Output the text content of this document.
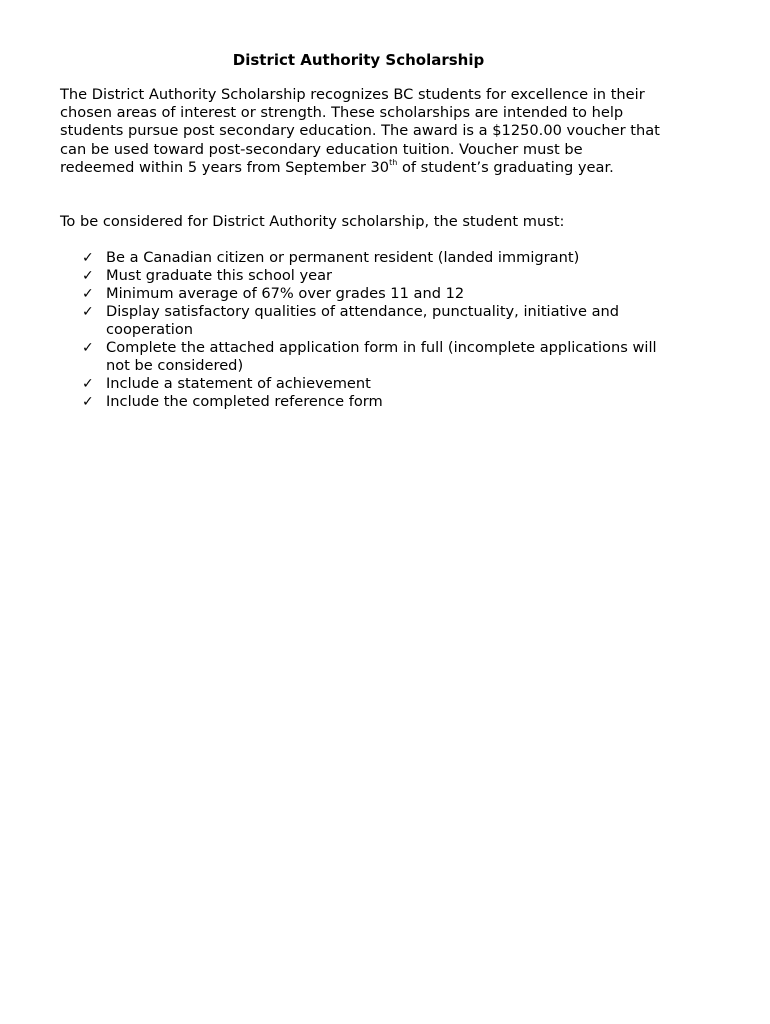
District Authority Scholarship

The District Authority Scholarship recognizes BC students for excellence in their chosen areas of interest or strength. These scholarships are intended to help students pursue post secondary education. The award is a $1250.00 voucher that can be used toward post-secondary education tuition. Voucher must be redeemed within 5 years from September 30th of student’s graduating year.

To be considered for District Authority scholarship, the student must:

✓ Be a Canadian citizen or permanent resident (landed immigrant)
✓ Must graduate this school year
✓ Minimum average of 67% over grades 11 and 12
✓ Display satisfactory qualities of attendance, punctuality, initiative and cooperation
✓ Complete the attached application form in full (incomplete applications will not be considered)
✓ Include a statement of achievement
✓ Include the completed reference form
